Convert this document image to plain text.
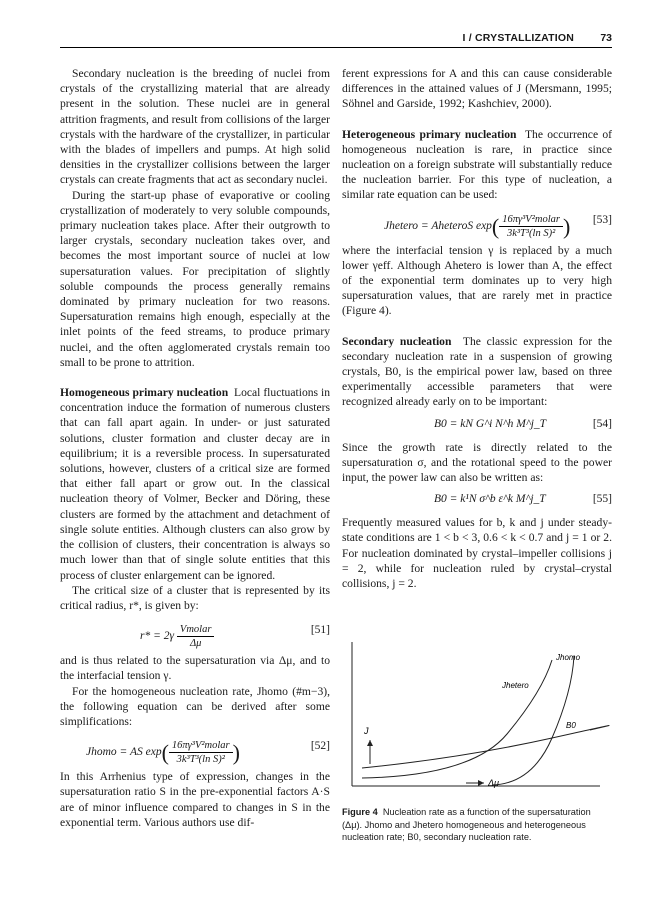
I / CRYSTALLIZATION	73

Secondary nucleation is the breeding of nuclei from crystals of the crystallizing material that are already present in the solution. These nuclei are in general attrition fragments, and result from collisions of the larger crystals with the hardware of the crystallizer, in particular with the blades of impellers and pumps. At high solid densities in the crystallizer collisions between the larger crystals can create fragments that act as secondary nuclei.

During the start-up phase of evaporative or cooling crystallization of moderately to very soluble compounds, primary nucleation takes place. After their outgrowth to larger crystals, secondary nucleation takes over, and becomes the most important source of nuclei at low supersaturation values. For precipitation of slightly soluble compounds the process generally remains dominated by primary nucleation for two reasons. Supersaturation remains high enough, especially at the inlet points of the feed streams, to produce primary nuclei, and the often agglomerated crystals remain too small to be prone to attrition.

Homogeneous primary nucleation Local fluctuations in concentration induce the formation of numerous clusters that can fall apart again. In under- or just saturated solutions, cluster formation and cluster decay are in equilibrium; it is a reversible process. In supersaturated solutions, however, clusters of a critical size are formed that either fall apart or grow out. In the classical nucleation theory of Volmer, Becker and Döring, these clusters are formed by the attachment and detachment of single solute entities. Although clusters can also grow by the collision of clusters, their concentration is always so much lower than that of single solute entities that this process of cluster enlargement can be ignored.

The critical size of a cluster that is represented by its critical radius, r*, is given by:

$r* = 2\gamma \frac{\text{Vmolar}}{\Delta\mu}$	[51]

and is thus related to the supersaturation via Δμ, and to the interfacial tension γ.

For the homogeneous nucleation rate, Jhomo (#m−3), the following equation can be derived after some simplifications:

Jhomo = AS $\exp( \frac{\text{16πγ³V²molar}}{\text{3k³T³(ln S)²}}$ )	[52]

In this Arrhenius type of expression, changes in the supersaturation ratio S in the pre-exponential factors A·S are of minor influence compared to changes in S in the exponential term. Various authors use dif-

ferent expressions for A and this can cause considerable differences in the attained values of J (Mersmann, 1995; Söhnel and Garside, 1992; Kashchiev, 2000).

Heterogeneous primary nucleation The occurrence of homogeneous nucleation is rare, in practice since nucleation on a foreign substrate will substantially reduce the nucleation barrier. For this type of nucleation, a similar rate equation can be used:

Jhetero = AheteroS $\exp( \frac{\text{16πγ³V²molar}}{\text{3k³T³(ln S)²}}$ ) [53]

where the interfacial tension γ is replaced by a much lower γeff. Although Ahetero is lower than A, the effect of the exponential term dominates up to very high supersaturation values, that are rarely met in practice (Figure 4).

Secondary nucleation The classic expression for the secondary nucleation rate in a suspension of growing crystals, B0, is the empirical power law, based on three experimentally accessible parameters that were recognized already early on to be important:

B0 = kN G^i N^h M^j_T	[54]

Since the growth rate is directly related to the supersaturation σ, and the rotational speed to the power input, the power law can also be written as:

B0 = k¹N σ^b ε^k M^j_T	[55]

Frequently measured values for b, k and j under steady-state conditions are 1 < b < 3, 0.6 < k < 0.7 and j = 1 or 2. For nucleation dominated by crystal–impeller collisions j = 2, while for nucleation ruled by crystal–crystal collisions, j = 2.

J
Δμ
Jhetero
Jhomo
B0
Figure 4 Nucleation rate as a function of the supersaturation (Δμ). Jhomo and Jhetero homogeneous and heterogeneous nucleation rate; B0, secondary nucleation rate.
